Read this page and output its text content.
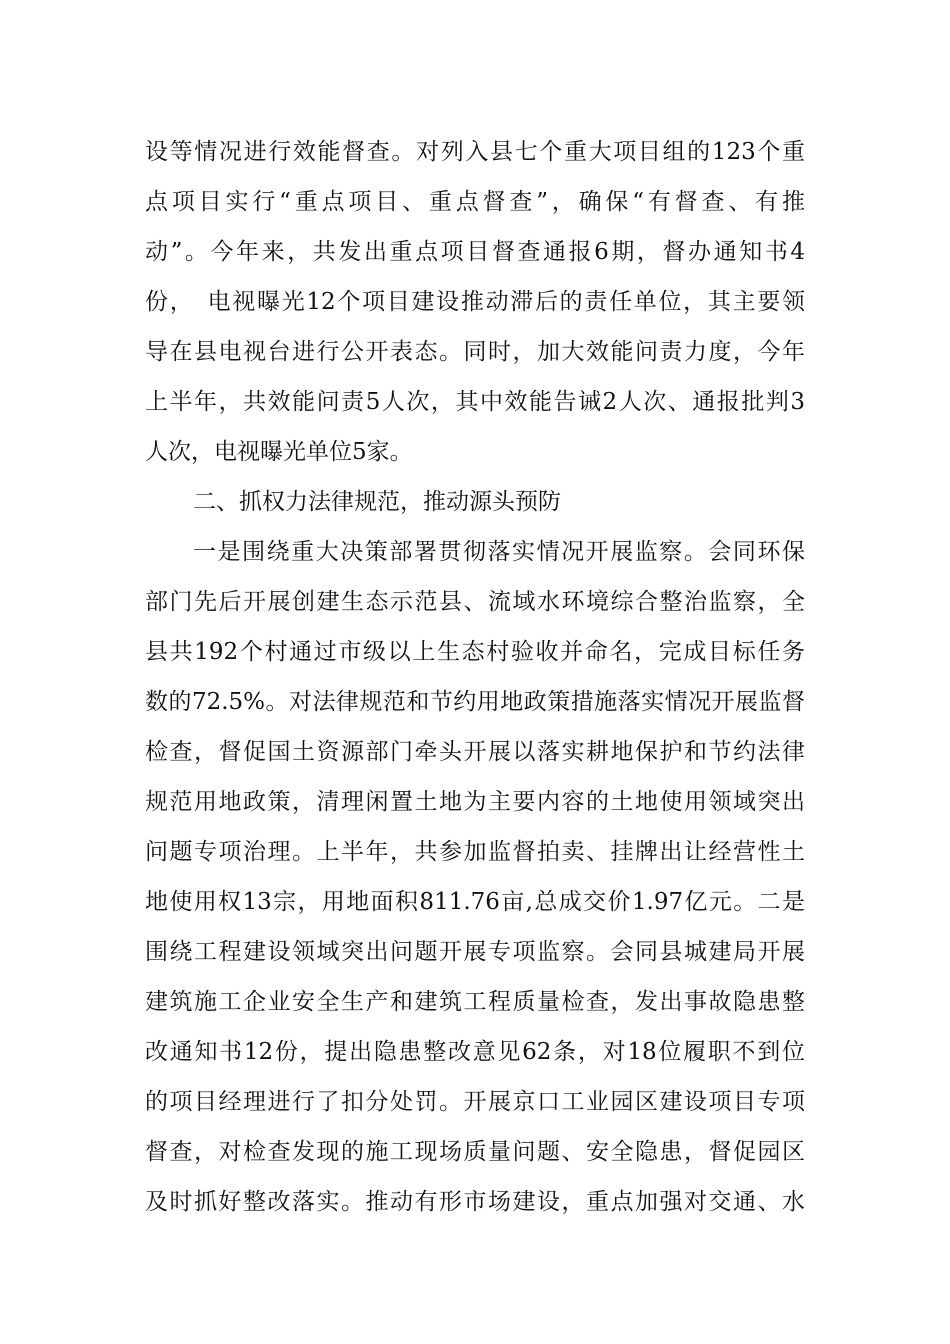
设等情况进行效能督查。对列入县七个重大项目组的123个重
点项目实行“重点项目、重点督查”，确保“有督查、有推
动”。今年来，共发出重点项目督查通报6期，督办通知书4
份，　电视曝光12个项目建设推动滞后的责任单位，其主要领
导在县电视台进行公开表态。同时，加大效能问责力度，今年
上半年，共效能问责5人次，其中效能告诫2人次、通报批判3
人次，电视曝光单位5家。
二、抓权力法律规范，推动源头预防
一是围绕重大决策部署贯彻落实情况开展监察。会同环保
部门先后开展创建生态示范县、流域水环境综合整治监察，全
县共192个村通过市级以上生态村验收并命名，完成目标任务
数的72.5%。对法律规范和节约用地政策措施落实情况开展监督
检查，督促国土资源部门牵头开展以落实耕地保护和节约法律
规范用地政策，清理闲置土地为主要内容的土地使用领域突出
问题专项治理。上半年，共参加监督拍卖、挂牌出让经营性土
地使用权13宗，用地面积811.76亩,总成交价1.97亿元。二是
围绕工程建设领域突出问题开展专项监察。会同县城建局开展
建筑施工企业安全生产和建筑工程质量检查，发出事故隐患整
改通知书12份，提出隐患整改意见62条，对18位履职不到位
的项目经理进行了扣分处罚。开展京口工业园区建设项目专项
督查，对检查发现的施工现场质量问题、安全隐患，督促园区
及时抓好整改落实。推动有形市场建设，重点加强对交通、水
